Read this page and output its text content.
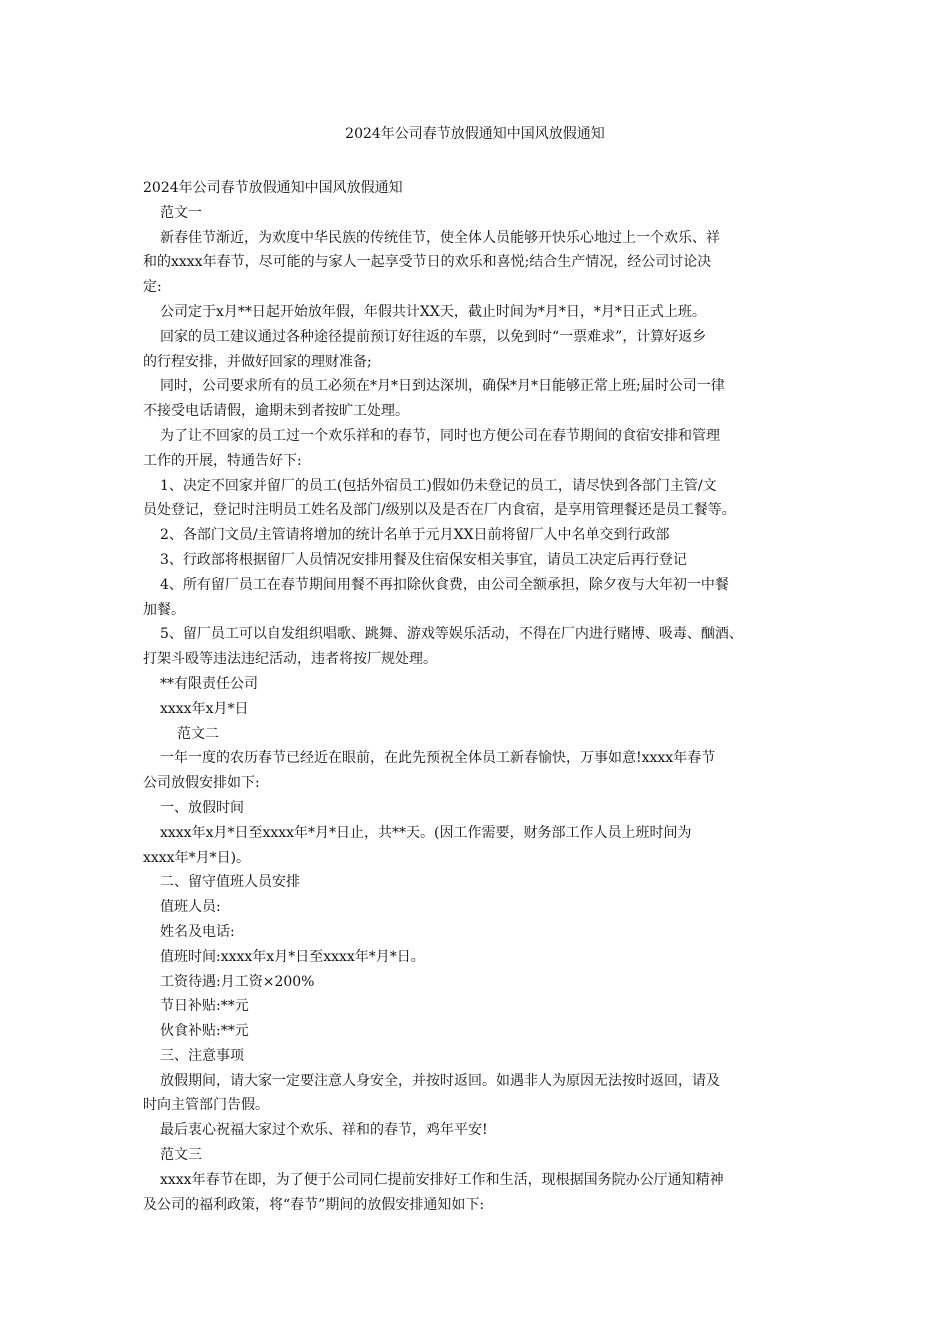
2024年公司春节放假通知中国风放假通知
2024年公司春节放假通知中国风放假通知
范文一
新春佳节渐近，为欢度中华民族的传统佳节，使全体人员能够开快乐心地过上一个欢乐、祥
和的xxxx年春节，尽可能的与家人一起享受节日的欢乐和喜悦;结合生产情况，经公司讨论决
定:
公司定于x月**日起开始放年假，年假共计XX天，截止时间为*月*日，*月*日正式上班。
回家的员工建议通过各种途径提前预订好往返的车票，以免到时“一票难求”，计算好返乡
的行程安排，并做好回家的理财准备;
同时，公司要求所有的员工必须在*月*日到达深圳，确保*月*日能够正常上班;届时公司一律
不接受电话请假，逾期未到者按旷工处理。
为了让不回家的员工过一个欢乐祥和的春节，同时也方便公司在春节期间的食宿安排和管理
工作的开展，特通告好下:
1、决定不回家并留厂的员工(包括外宿员工)假如仍未登记的员工，请尽快到各部门主管/文
员处登记，登记时注明员工姓名及部门/级别以及是否在厂内食宿，是享用管理餐还是员工餐等。
2、各部门文员/主管请将增加的统计名单于元月XX日前将留厂人中名单交到行政部
3、行政部将根据留厂人员情况安排用餐及住宿保安相关事宜，请员工决定后再行登记
4、所有留厂员工在春节期间用餐不再扣除伙食费，由公司全额承担，除夕夜与大年初一中餐
加餐。
5、留厂员工可以自发组织唱歌、跳舞、游戏等娱乐活动，不得在厂内进行赌博、吸毒、酗酒、
打架斗殴等违法违纪活动，违者将按厂规处理。
**有限责任公司
xxxx年x月*日
范文二
一年一度的农历春节已经近在眼前，在此先预祝全体员工新春愉快，万事如意!xxxx年春节
公司放假安排如下:
一、放假时间
xxxx年x月*日至xxxx年*月*日止，共**天。(因工作需要，财务部工作人员上班时间为
xxxx年*月*日)。
二、留守值班人员安排
值班人员:
姓名及电话:
值班时间:xxxx年x月*日至xxxx年*月*日。
工资待遇:月工资×200%
节日补贴:**元
伙食补贴:**元
三、注意事项
放假期间，请大家一定要注意人身安全，并按时返回。如遇非人为原因无法按时返回，请及
时向主管部门告假。
最后衷心祝福大家过个欢乐、祥和的春节，鸡年平安!
范文三
xxxx年春节在即，为了便于公司同仁提前安排好工作和生活，现根据国务院办公厅通知精神
及公司的福利政策，将“春节”期间的放假安排通知如下:
